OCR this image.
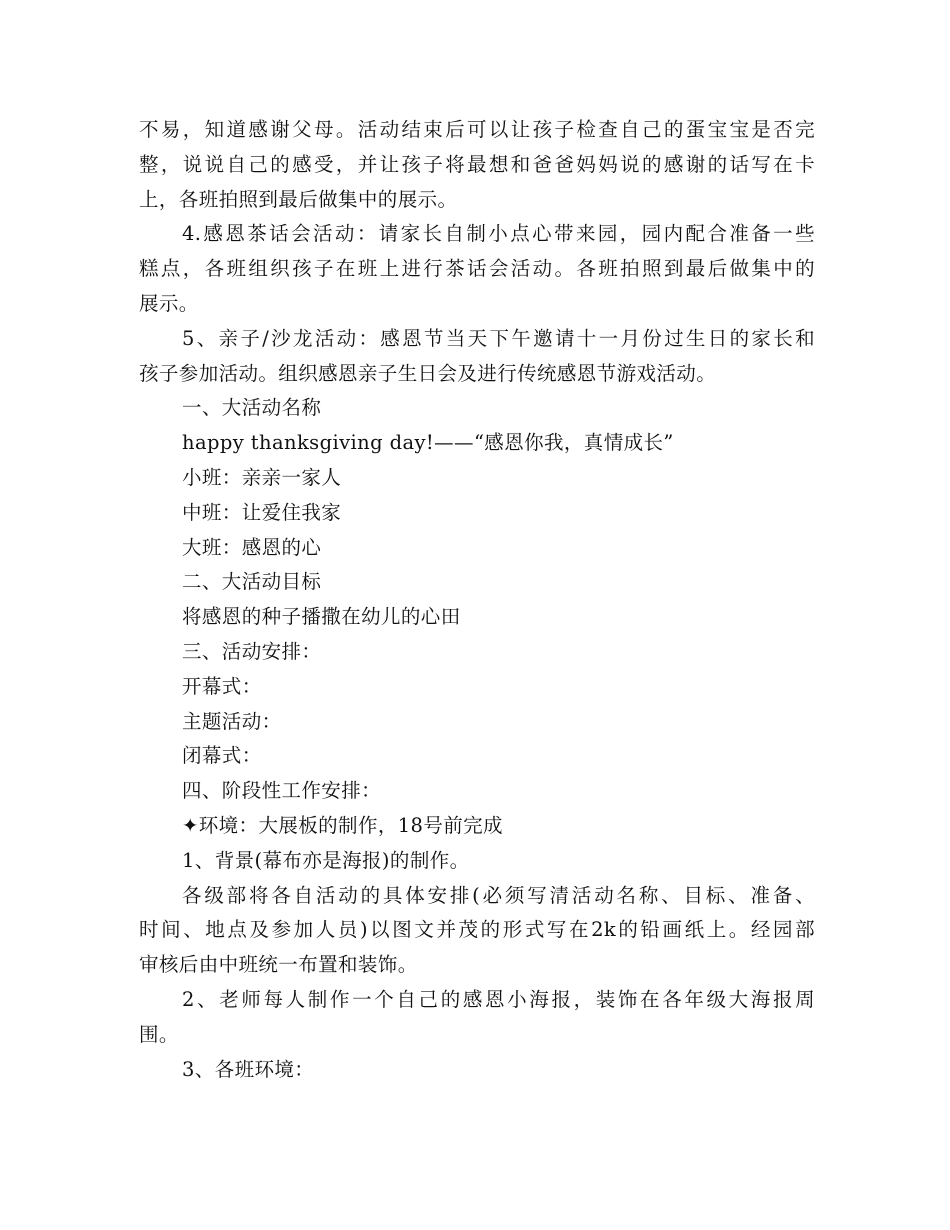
不易，知道感谢父母。活动结束后可以让孩子检查自己的蛋宝宝是否完
整，说说自己的感受，并让孩子将最想和爸爸妈妈说的感谢的话写在卡
上，各班拍照到最后做集中的展示。
4.感恩茶话会活动：请家长自制小点心带来园，园内配合准备一些
糕点，各班组织孩子在班上进行茶话会活动。各班拍照到最后做集中的
展示。
5、亲子/沙龙活动：感恩节当天下午邀请十一月份过生日的家长和
孩子参加活动。组织感恩亲子生日会及进行传统感恩节游戏活动。
一、大活动名称
happy thanksgiving day!——“感恩你我，真情成长”
小班：亲亲一家人
中班：让爱住我家
大班：感恩的心
二、大活动目标
将感恩的种子播撒在幼儿的心田
三、活动安排：
开幕式：
主题活动：
闭幕式：
四、阶段性工作安排：
✦环境：大展板的制作，18号前完成
1、背景(幕布亦是海报)的制作。
各级部将各自活动的具体安排(必须写清活动名称、目标、准备、
时间、地点及参加人员)以图文并茂的形式写在2k的铅画纸上。经园部
审核后由中班统一布置和装饰。
2、老师每人制作一个自己的感恩小海报，装饰在各年级大海报周
围。
3、各班环境：
